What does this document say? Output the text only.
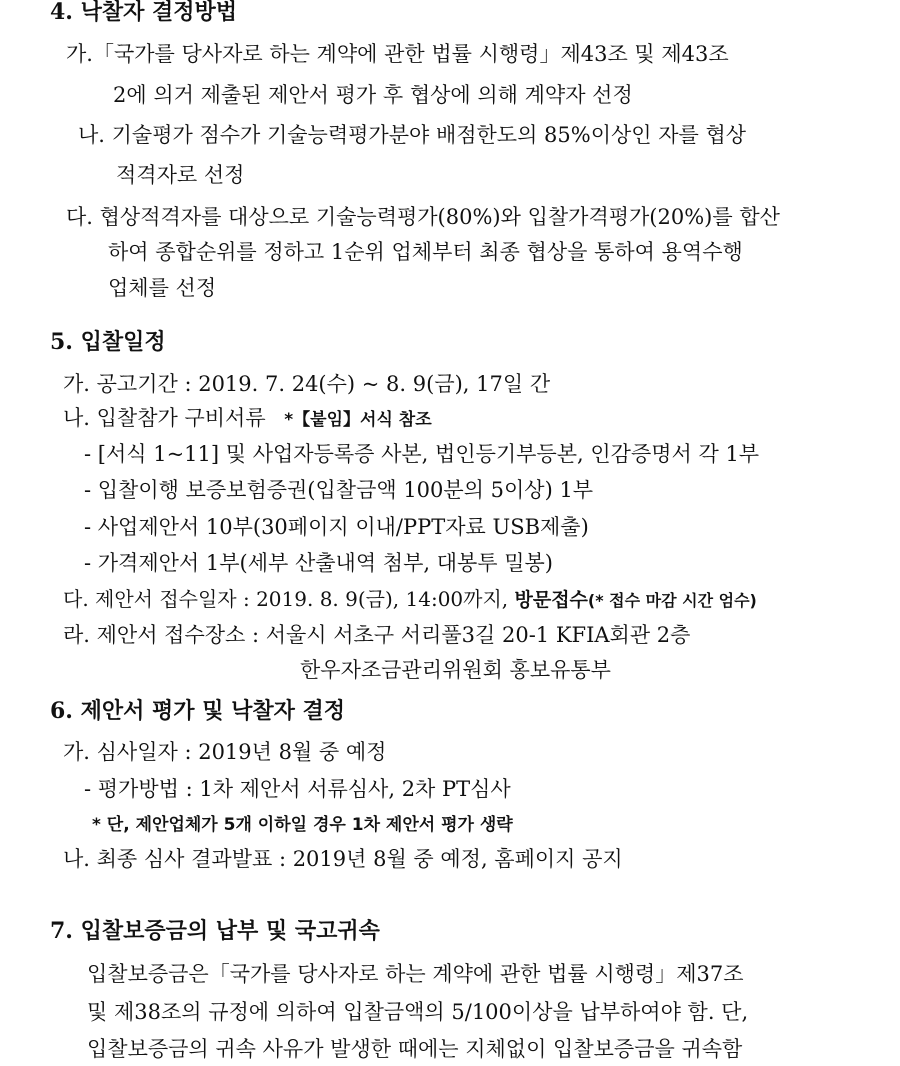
4. 낙찰자 결정방법
가.「국가를 당사자로 하는 계약에 관한 법률 시행령」제43조 및 제43조
2에 의거 제출된 제안서 평가 후 협상에 의해 계약자 선정
나. 기술평가 점수가 기술능력평가분야 배점한도의 85%이상인 자를 협상
적격자로 선정
다. 협상적격자를 대상으로 기술능력평가(80%)와 입찰가격평가(20%)를 합산
하여 종합순위를 정하고 1순위 업체부터 최종 협상을 통하여 용역수행
업체를 선정
5. 입찰일정
가. 공고기간 : 2019. 7. 24(수) ~ 8. 9(금), 17일 간
나. 입찰참가 구비서류 *【붙임】서식 참조
- [서식 1~11] 및 사업자등록증 사본, 법인등기부등본, 인감증명서 각 1부
- 입찰이행 보증보험증권(입찰금액 100분의 5이상) 1부
- 사업제안서 10부(30페이지 이내/PPT자료 USB제출)
- 가격제안서 1부(세부 산출내역 첨부, 대봉투 밀봉)
다. 제안서 접수일자 : 2019. 8. 9(금), 14:00까지, 방문접수(* 접수 마감 시간 엄수)
라. 제안서 접수장소 : 서울시 서초구 서리풀3길 20-1 KFIA회관 2층
한우자조금관리위원회 홍보유통부
6. 제안서 평가 및 낙찰자 결정
가. 심사일자 : 2019년 8월 중 예정
- 평가방법 : 1차 제안서 서류심사, 2차 PT심사
* 단, 제안업체가 5개 이하일 경우 1차 제안서 평가 생략
나. 최종 심사 결과발표 : 2019년 8월 중 예정, 홈페이지 공지
7. 입찰보증금의 납부 및 국고귀속
입찰보증금은「국가를 당사자로 하는 계약에 관한 법률 시행령」제37조
및 제38조의 규정에 의하여 입찰금액의 5/100이상을 납부하여야 함. 단,
입찰보증금의 귀속 사유가 발생한 때에는 지체없이 입찰보증금을 귀속함
